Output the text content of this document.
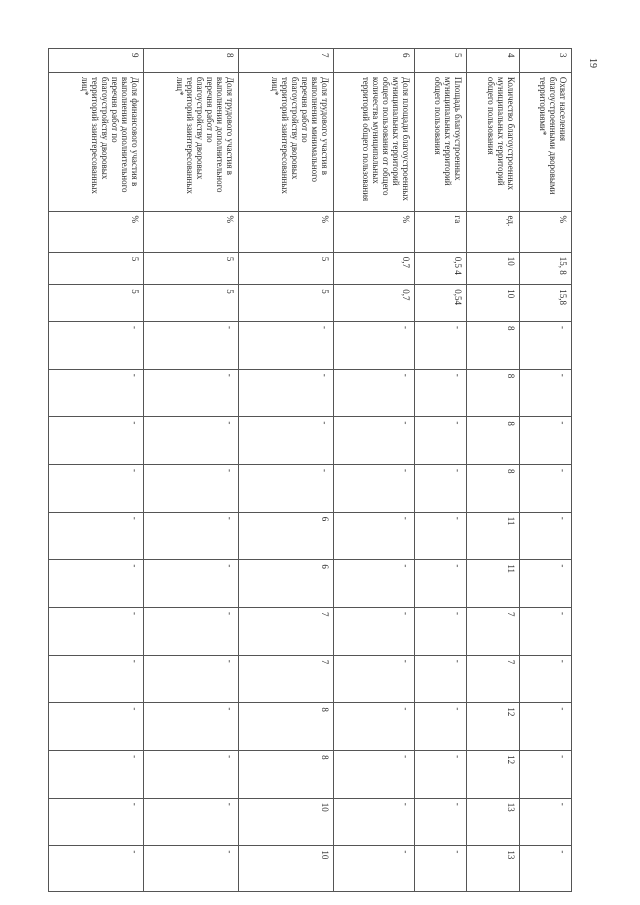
19
3	Охват населения благоустроенными дворовыми территориями*	%	15, 8	15,8	-	-	-	-	-	-	-	-	-	-	-	-
4	Количество благоустроенных муниципальных территорий общего пользования	ед.	10	10	8	8	8	8	11	11	7	7	12	12	13	13
5	Площадь благоустроенных муниципальных территорий общего пользования	га	0,5 4	0,54	-	-	-	-	-	-	-	-	-	-	-	-
6	Доля площади благоустроенных муниципальных территорий общего пользования от общего количества муниципальных территорий общего пользования	%	0,7	0,7	-	-	-	-	-	-	-	-	-	-	-	-
7	Доля трудового участия в выполнении минимального перечня работ по благоустройству дворовых территорий заинтересованных лиц*	%	5	5	-	-	-	-	6	6	7	7	8	8	10	10
8	Доля трудового участия в выполнении дополнительного перечня работ по благоустройству дворовых территорий заинтересованных лиц*	%	5	5	-	-	-	-	-	-	-	-	-	-	-	-
9	Доля финансового участия в выполнении дополнительного перечня работ по благоустройству дворовых территорий заинтересованных лиц*	%	5	5	-	-	-	-	-	-	-	-	-	-	-	-
